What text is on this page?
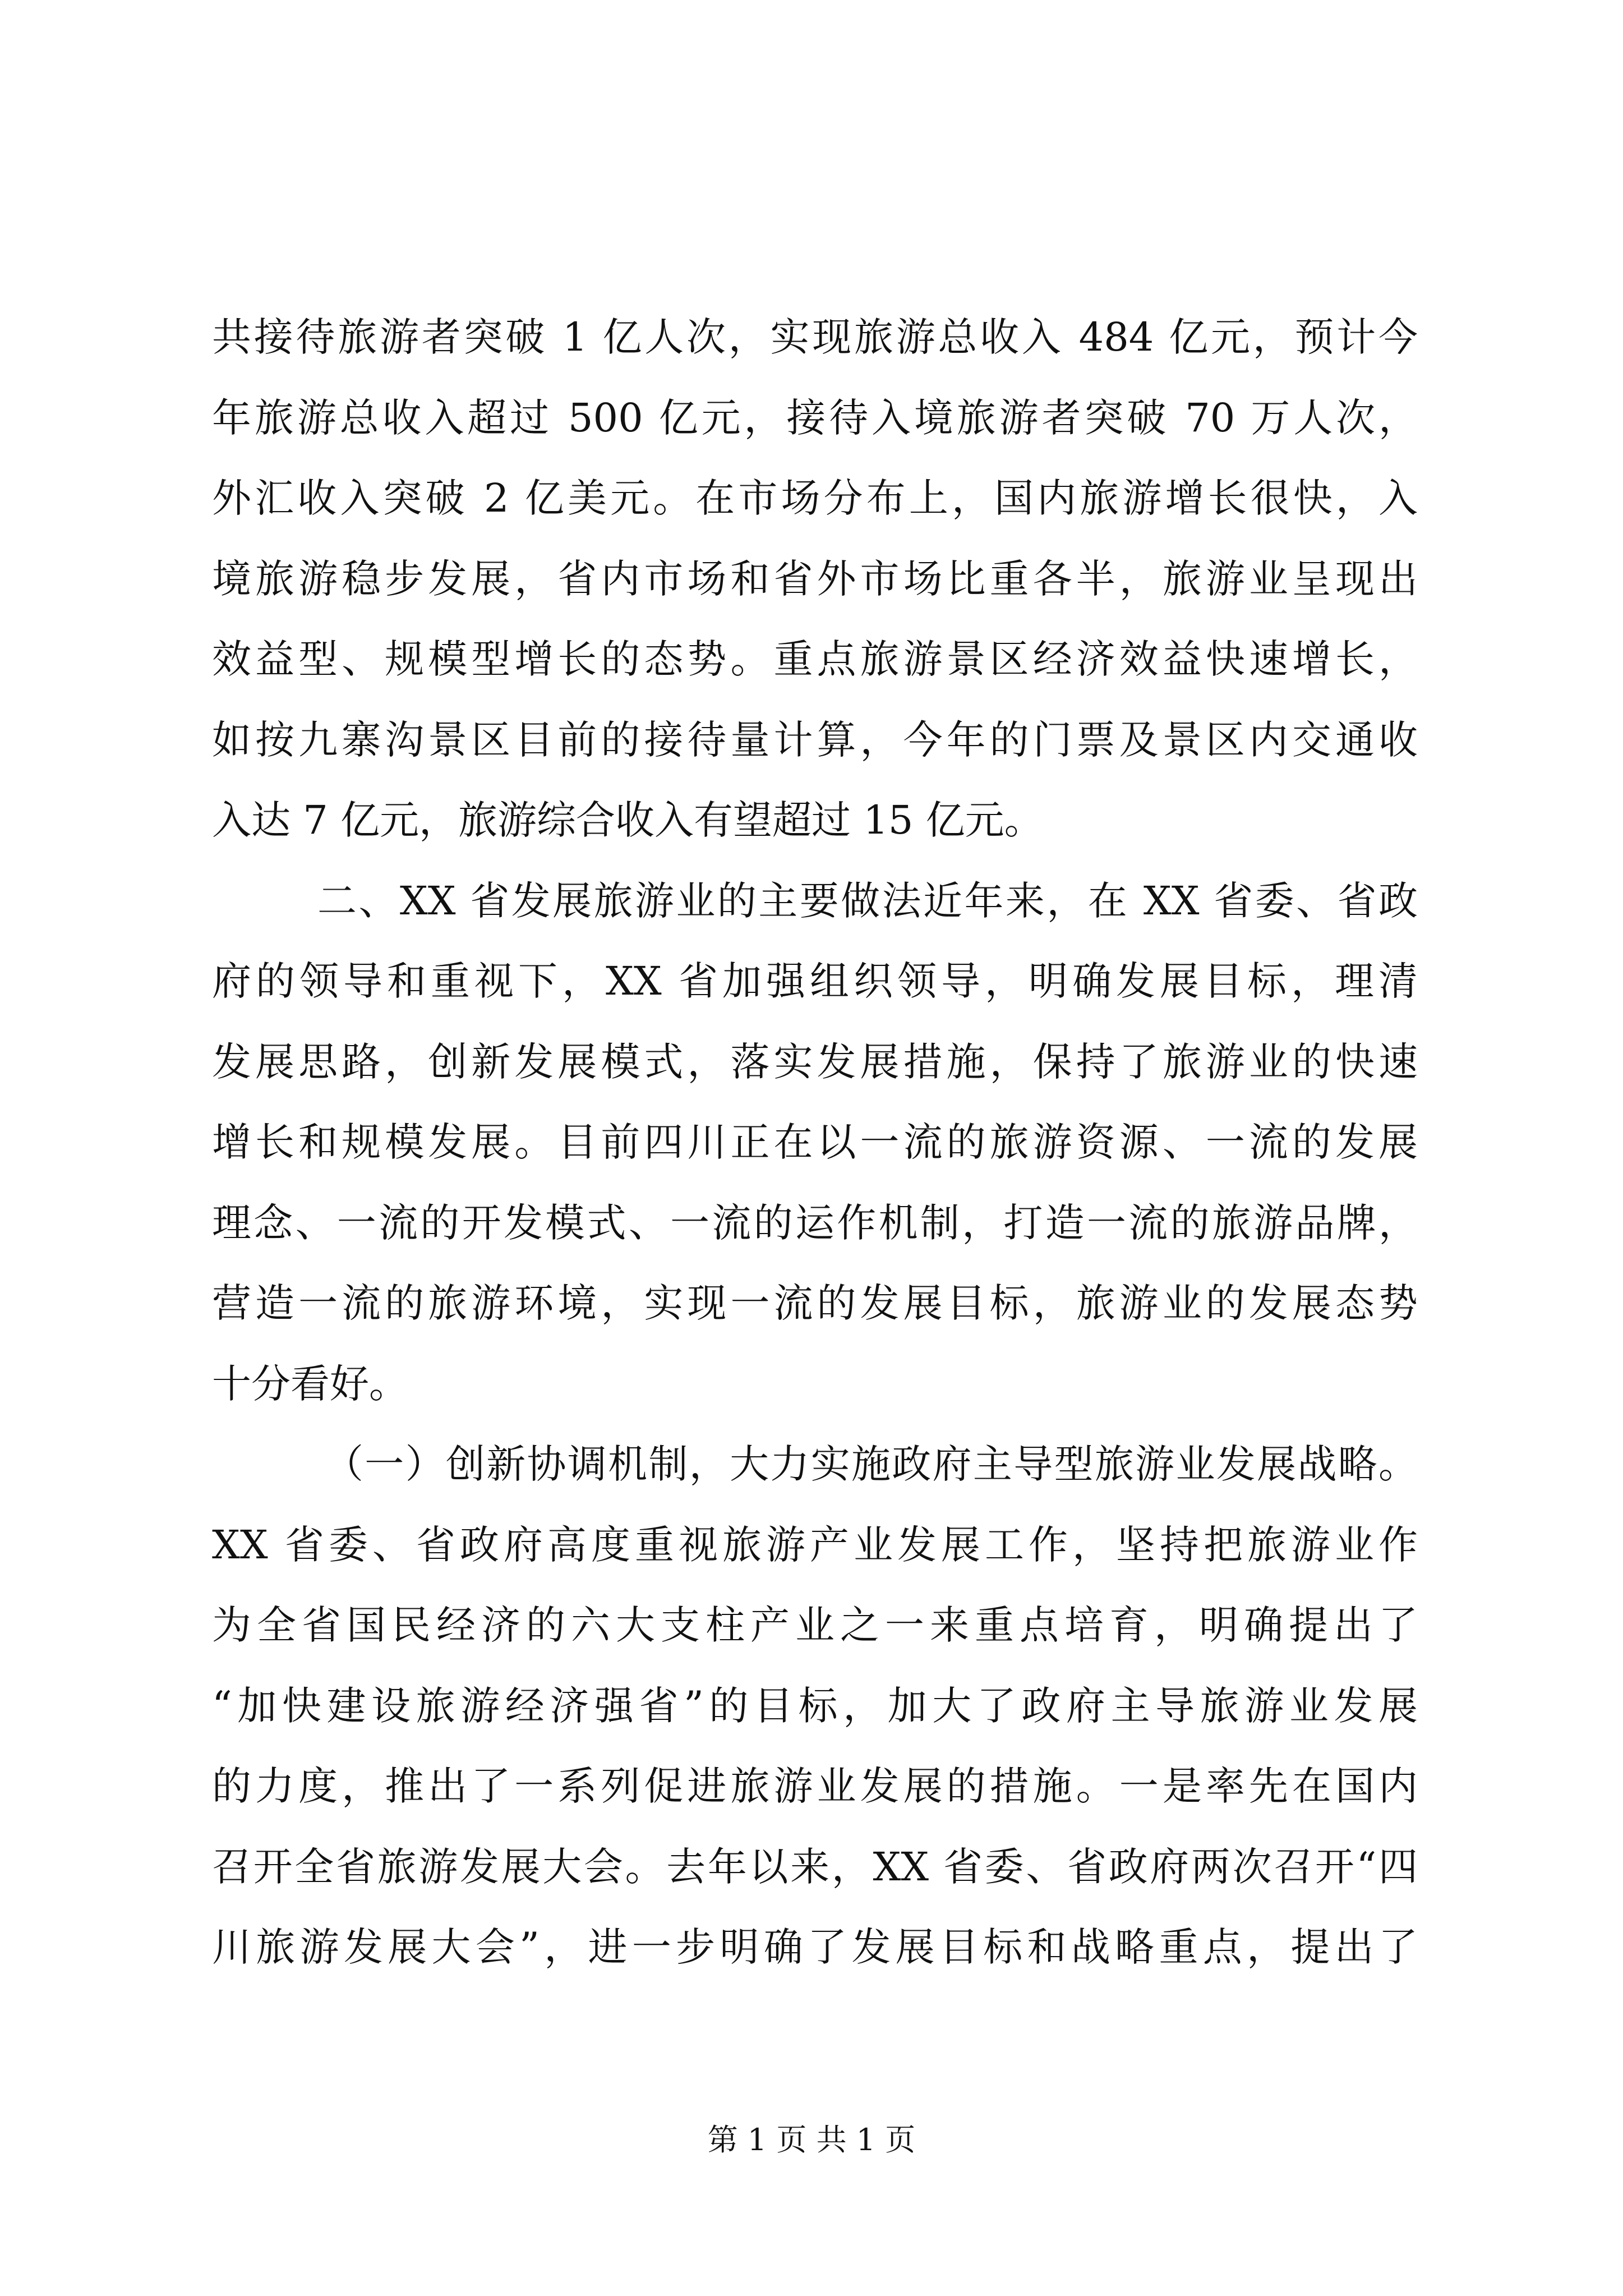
共接待旅游者突破 1 亿人次，实现旅游总收入 484 亿元，预计今
年旅游总收入超过 500 亿元，接待入境旅游者突破 70 万人次，
外汇收入突破 2 亿美元。在市场分布上，国内旅游增长很快，入
境旅游稳步发展，省内市场和省外市场比重各半，旅游业呈现出
效益型、规模型增长的态势。重点旅游景区经济效益快速增长，
如按九寨沟景区目前的接待量计算，今年的门票及景区内交通收
入达 7 亿元，旅游综合收入有望超过 15 亿元。
二、XX 省发展旅游业的主要做法近年来，在 XX 省委、省政
府的领导和重视下，XX 省加强组织领导，明确发展目标，理清
发展思路，创新发展模式，落实发展措施，保持了旅游业的快速
增长和规模发展。目前四川正在以一流的旅游资源、一流的发展
理念、一流的开发模式、一流的运作机制，打造一流的旅游品牌，
营造一流的旅游环境，实现一流的发展目标，旅游业的发展态势
十分看好。
（一）创新协调机制，大力实施政府主导型旅游业发展战略。
XX 省委、省政府高度重视旅游产业发展工作，坚持把旅游业作
为全省国民经济的六大支柱产业之一来重点培育，明确提出了
“加快建设旅游经济强省”的目标，加大了政府主导旅游业发展
的力度，推出了一系列促进旅游业发展的措施。一是率先在国内
召开全省旅游发展大会。去年以来，XX 省委、省政府两次召开“四
川旅游发展大会”，进一步明确了发展目标和战略重点，提出了
第 1 页 共 1 页
